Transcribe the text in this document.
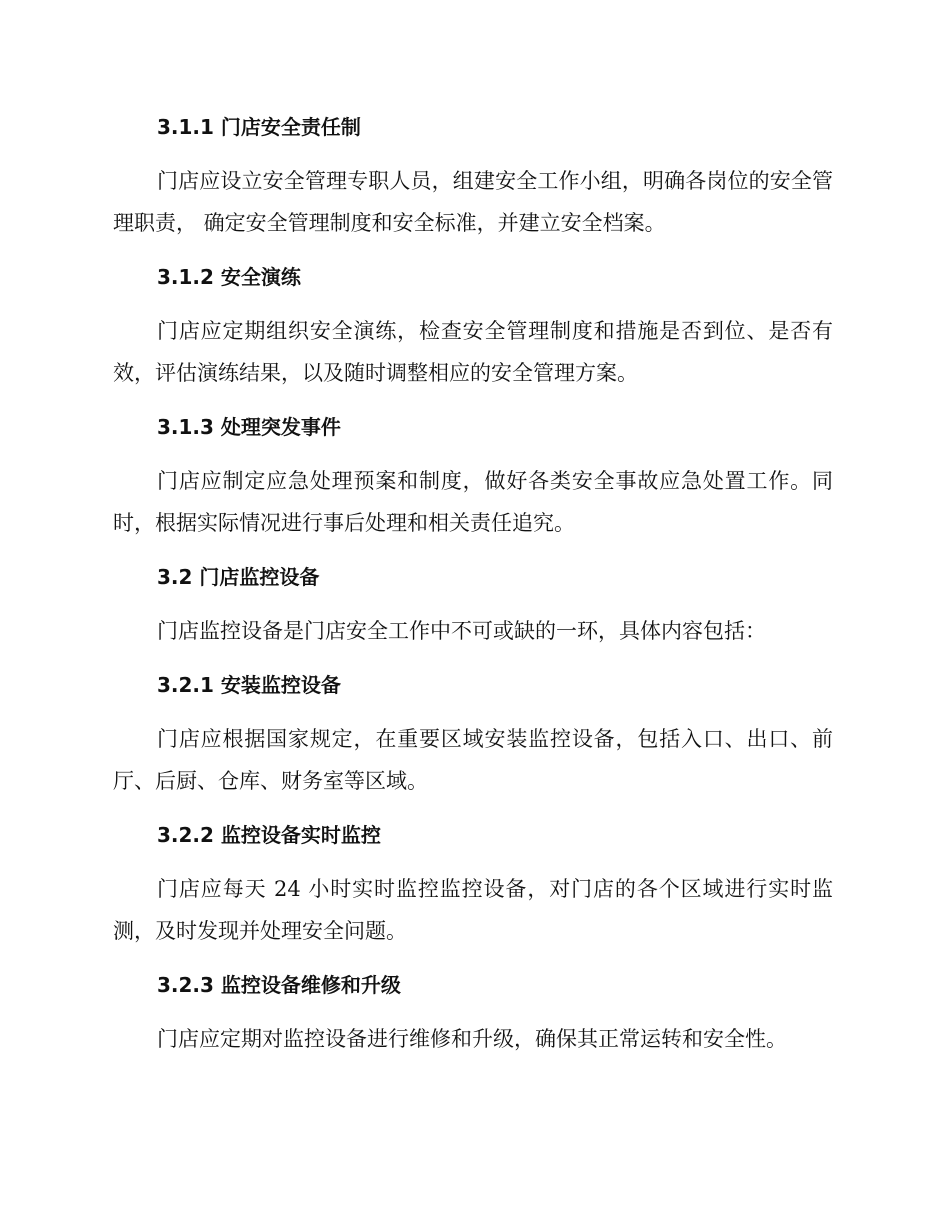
3.1.1 门店安全责任制

门店应设立安全管理专职人员，组建安全工作小组，明确各岗位的安全管理职责， 确定安全管理制度和安全标准，并建立安全档案。

3.1.2 安全演练

门店应定期组织安全演练，检查安全管理制度和措施是否到位、是否有效，评估演练结果，以及随时调整相应的安全管理方案。

3.1.3 处理突发事件

门店应制定应急处理预案和制度，做好各类安全事故应急处置工作。同时，根据实际情况进行事后处理和相关责任追究。

3.2 门店监控设备

门店监控设备是门店安全工作中不可或缺的一环，具体内容包括：

3.2.1 安装监控设备

门店应根据国家规定，在重要区域安装监控设备，包括入口、出口、前厅、后厨、仓库、财务室等区域。

3.2.2 监控设备实时监控

门店应每天 24 小时实时监控监控设备，对门店的各个区域进行实时监测，及时发现并处理安全问题。

3.2.3 监控设备维修和升级

门店应定期对监控设备进行维修和升级，确保其正常运转和安全性。
